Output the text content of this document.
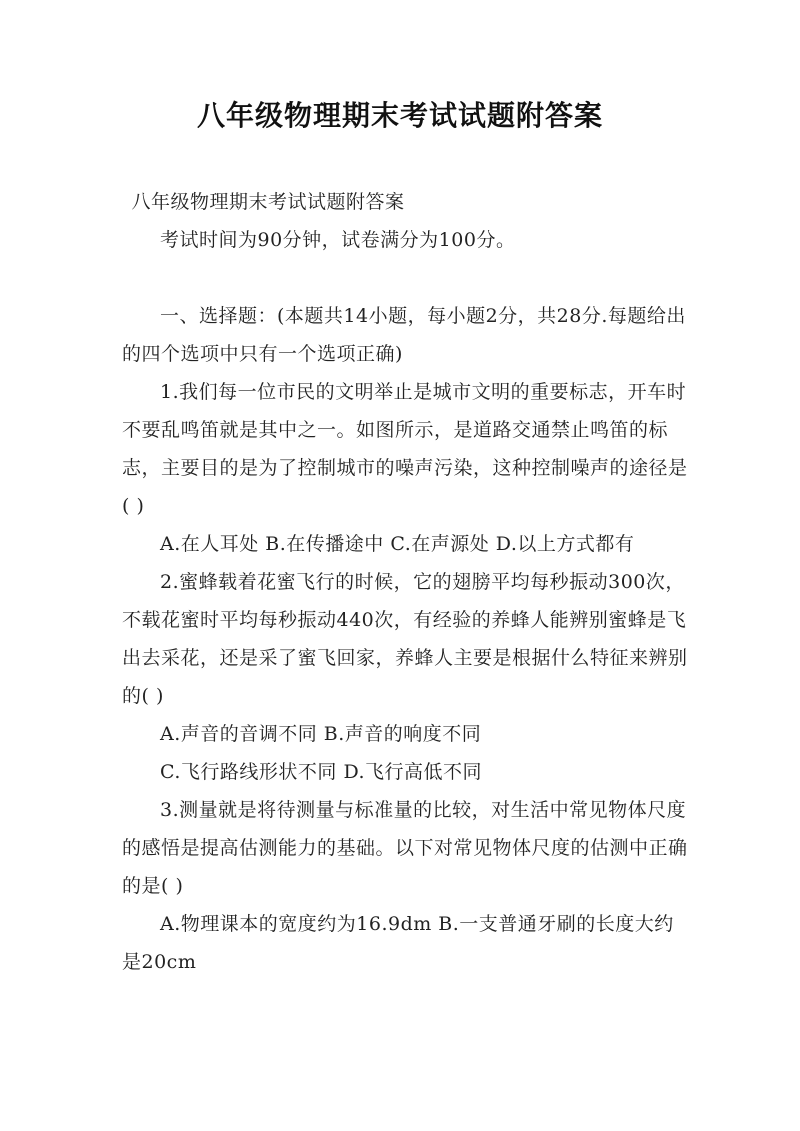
八年级物理期末考试试题附答案

八年级物理期末考试试题附答案

考试时间为90分钟，试卷满分为100分。

一、选择题：(本题共14小题，每小题2分，共28分.每题给出的四个选项中只有一个选项正确)

1.我们每一位市民的文明举止是城市文明的重要标志，开车时不要乱鸣笛就是其中之一。如图所示，是道路交通禁止鸣笛的标志，主要目的是为了控制城市的噪声污染，这种控制噪声的途径是( )

A.在人耳处 B.在传播途中 C.在声源处 D.以上方式都有

2.蜜蜂载着花蜜飞行的时候，它的翅膀平均每秒振动300次，不载花蜜时平均每秒振动440次，有经验的养蜂人能辨别蜜蜂是飞出去采花，还是采了蜜飞回家，养蜂人主要是根据什么特征来辨别的( )

A.声音的音调不同 B.声音的响度不同

C.飞行路线形状不同 D.飞行高低不同

3.测量就是将待测量与标准量的比较，对生活中常见物体尺度的感悟是提高估测能力的基础。以下对常见物体尺度的估测中正确的是( )

A.物理课本的宽度约为16.9dm B.一支普通牙刷的长度大约是20cm
